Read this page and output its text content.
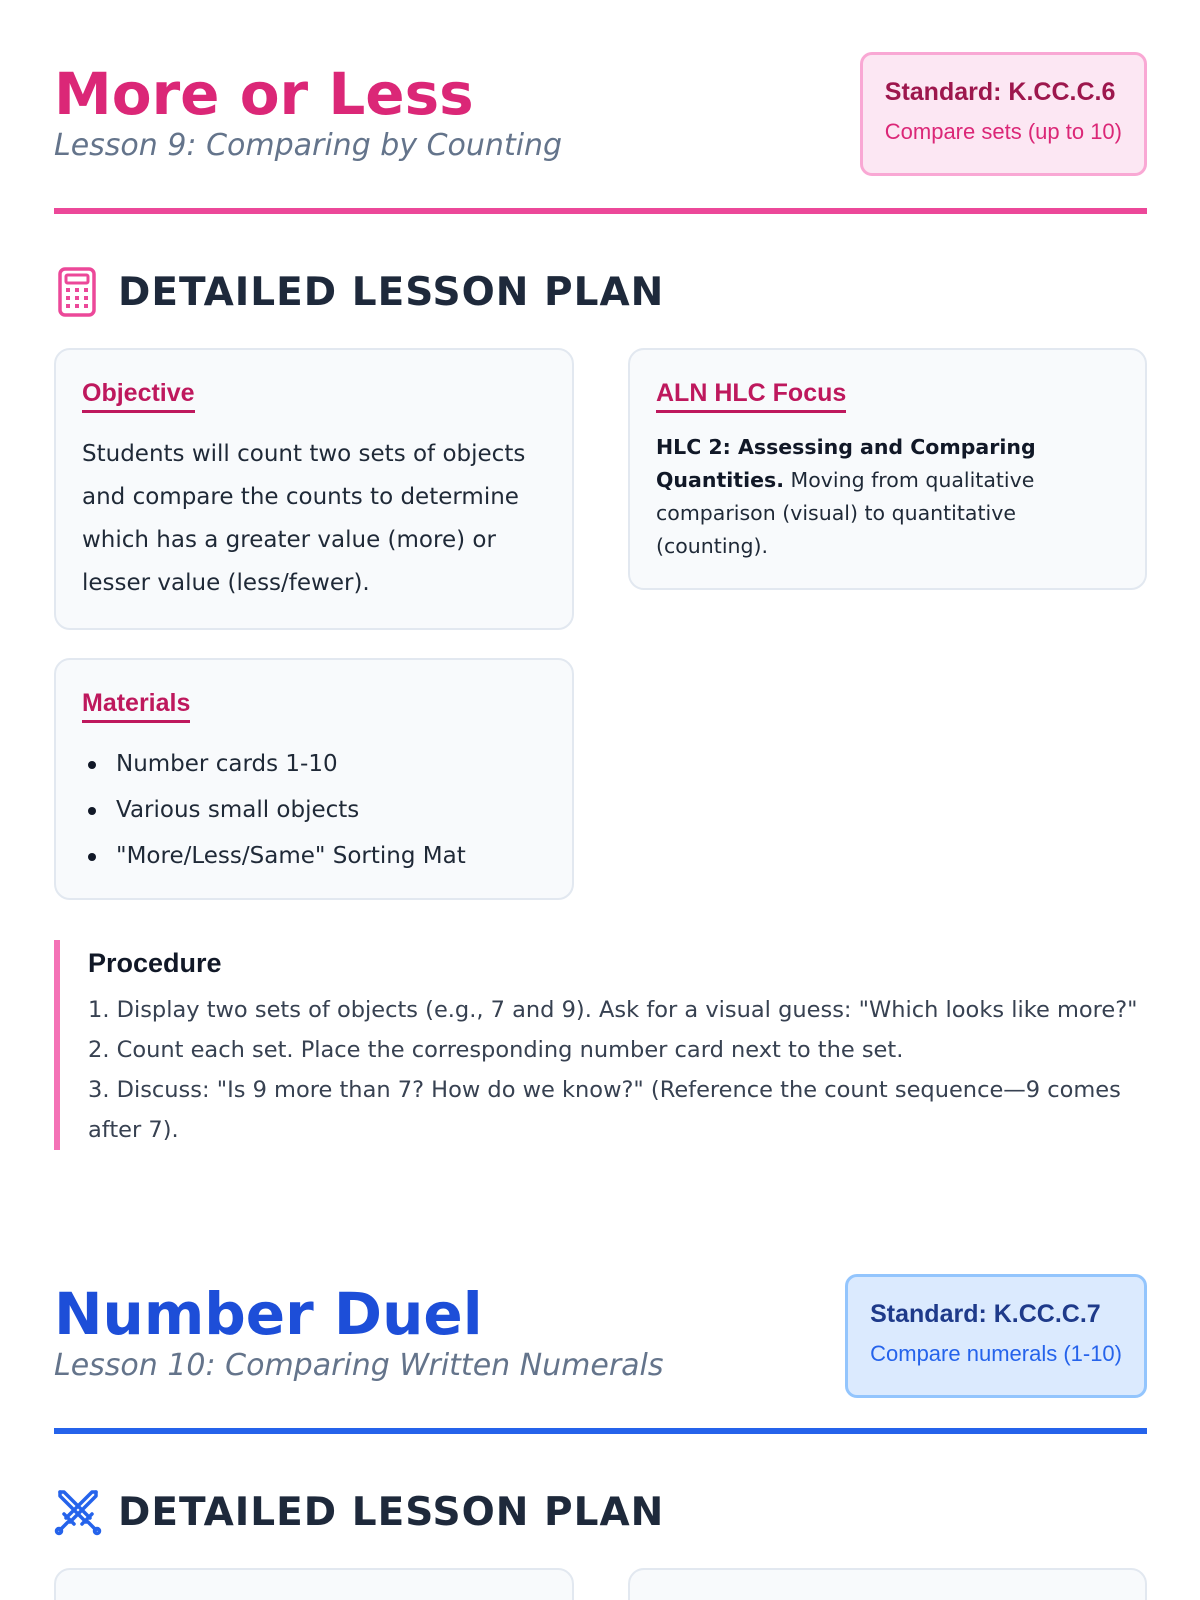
More or Less
Lesson 9: Comparing by Counting
Standard: K.CC.C.6
Compare sets (up to 10)
DETAILED LESSON PLAN
Objective
Students will count two sets of objects and compare the counts to determine which has a greater value (more) or lesser value (less/fewer).
ALN HLC Focus
HLC 2: Assessing and Comparing Quantities. Moving from qualitative comparison (visual) to quantitative (counting).
Materials
Number cards 1-10
Various small objects
"More/Less/Same" Sorting Mat
Procedure
1. Display two sets of objects (e.g., 7 and 9). Ask for a visual guess: "Which looks like more?"
2. Count each set. Place the corresponding number card next to the set.
3. Discuss: "Is 9 more than 7? How do we know?" (Reference the count sequence—9 comes after 7).
Number Duel
Lesson 10: Comparing Written Numerals
Standard: K.CC.C.7
Compare numerals (1-10)
DETAILED LESSON PLAN
